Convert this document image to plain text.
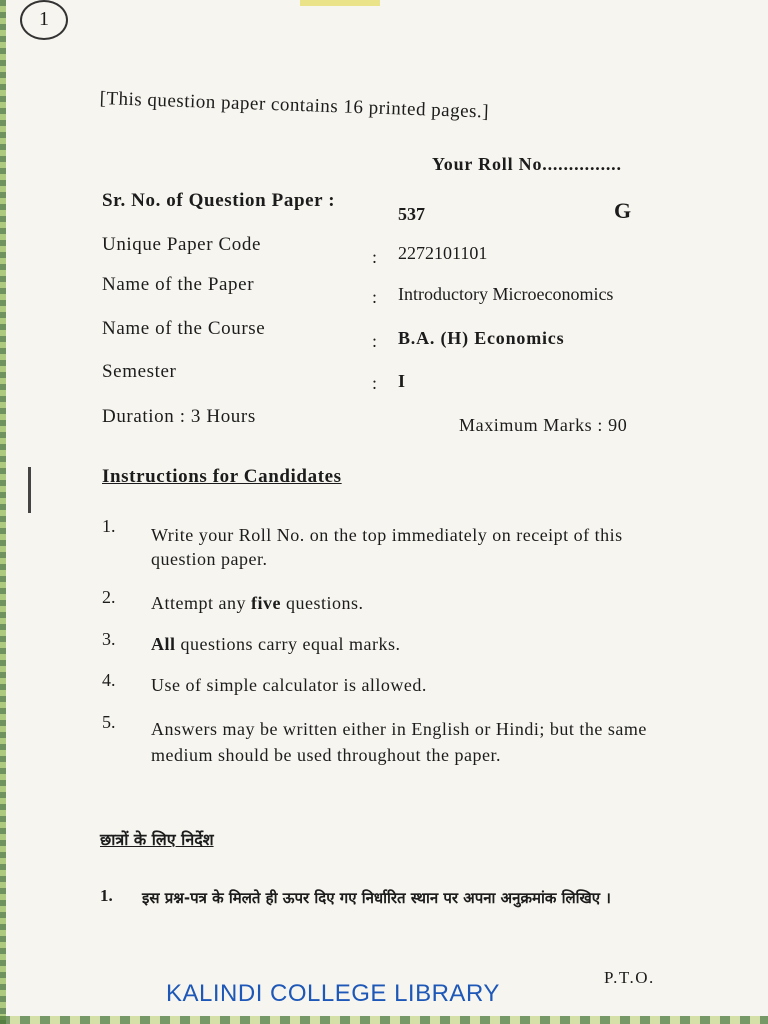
1
[This question paper contains 16 printed pages.]
Your Roll No...............
Sr. No. of Question Paper :
537	G
Unique Paper Code
: 2272101101
Name of the Paper
: Introductory Microeconomics
Name of the Course
: B.A. (H) Economics
Semester
: I
Duration : 3 Hours	Maximum Marks : 90
Instructions for Candidates
1. Write your Roll No. on the top immediately on receipt of this question paper.
2. Attempt any five questions.
3. All questions carry equal marks.
4. Use of simple calculator is allowed.
5. Answers may be written either in English or Hindi; but the same medium should be used throughout the paper.
छात्रों के लिए निर्देश
1. इस प्रश्न-पत्र के मिलते ही ऊपर दिए गए निर्धारित स्थान पर अपना अनुक्रमांक लिखिए ।
P.T.O.
KALINDI COLLEGE LIBRARY
